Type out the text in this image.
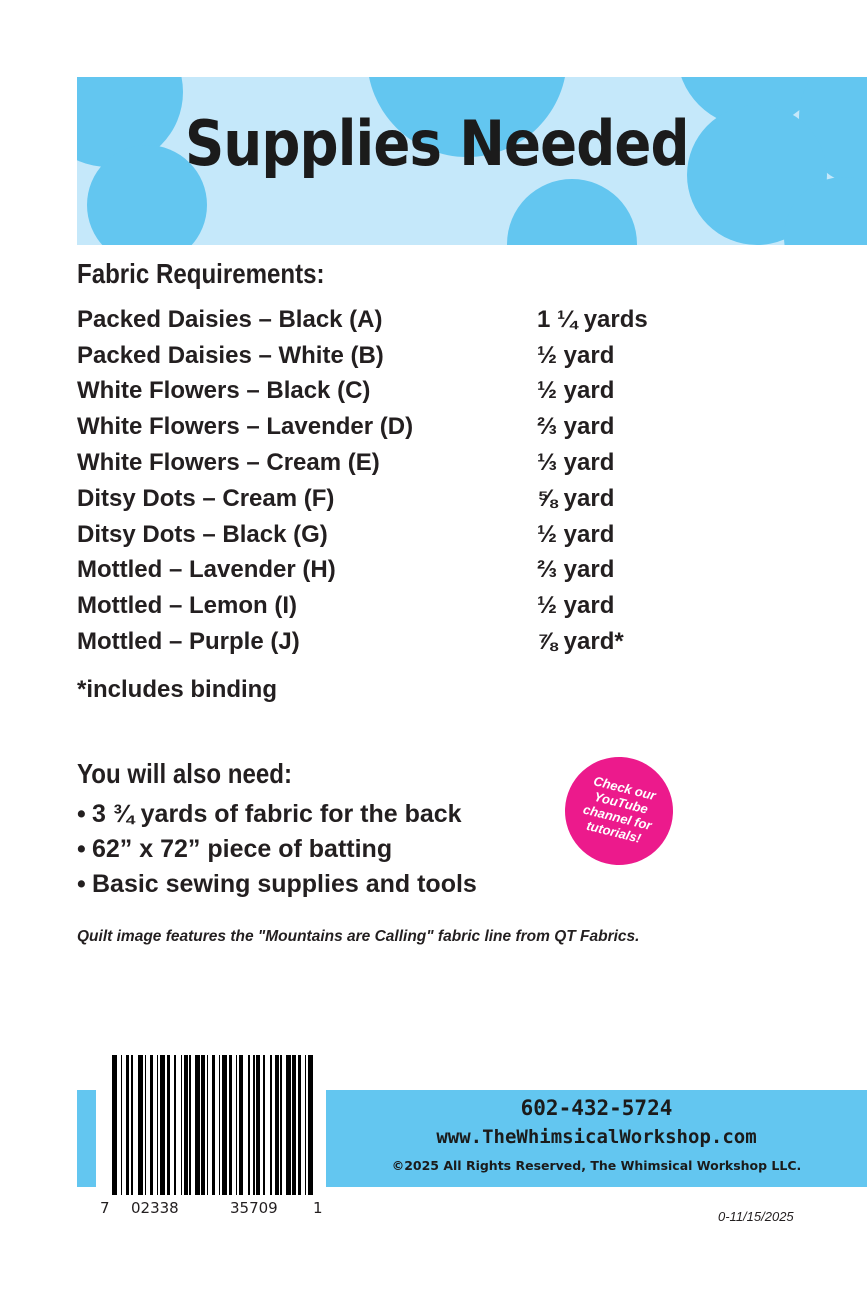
Supplies Needed
Fabric Requirements:
Packed Daisies – Black (A)	1 ¼ yards
Packed Daisies – White (B)	½ yard
White Flowers – Black (C)	½ yard
White Flowers – Lavender (D)	⅔ yard
White Flowers – Cream (E)	⅓ yard
Ditsy Dots – Cream (F)	⅝ yard
Ditsy Dots – Black (G)	½ yard
Mottled – Lavender (H)	⅔ yard
Mottled – Lemon (I)	½ yard
Mottled – Purple (J)	⅞ yard*
*includes binding
You will also need:
• 3 ¾ yards of fabric for the back
• 62” x 72” piece of batting
• Basic sewing supplies and tools
Check our YouTube channel for tutorials!
Quilt image features the "Mountains are Calling" fabric line from QT Fabrics.
7 02338	35709 1
602-432-5724
www.TheWhimsicalWorkshop.com
©2025 All Rights Reserved, The Whimsical Workshop LLC.
0-11/15/2025
